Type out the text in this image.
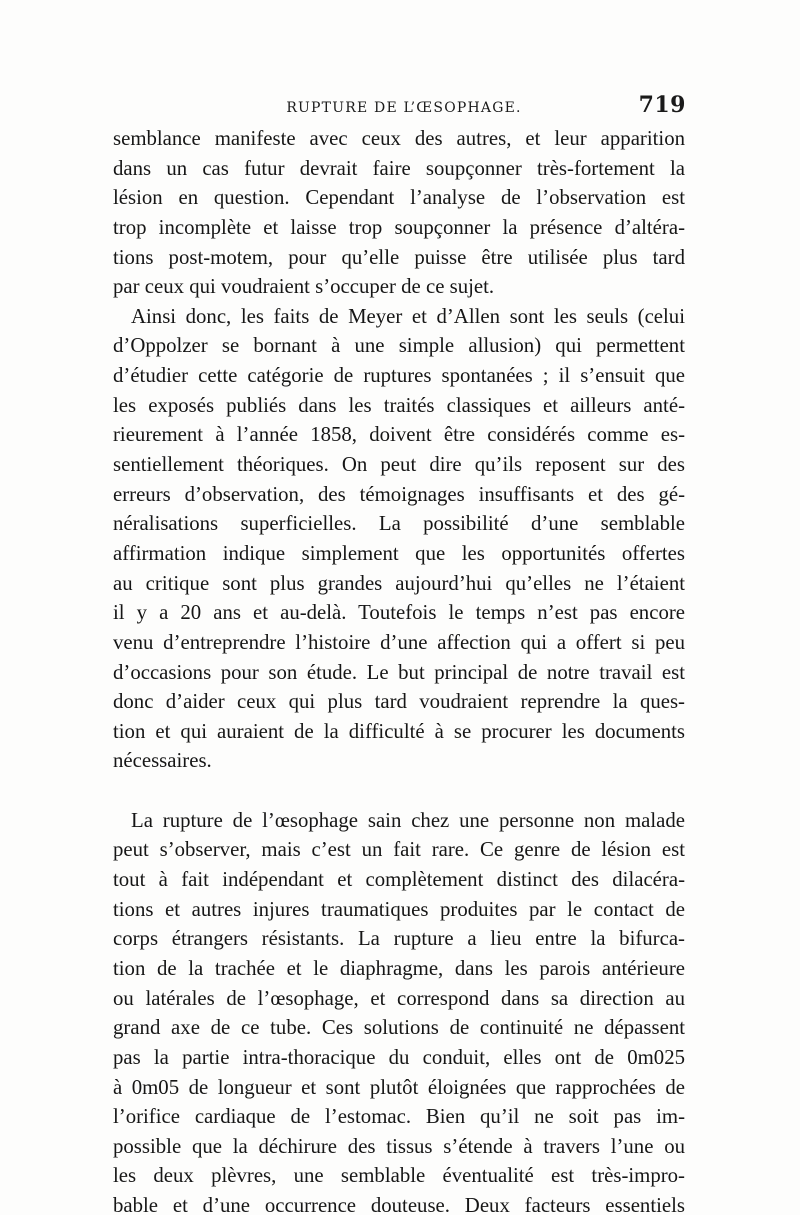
RUPTURE DE L’ŒSOPHAGE.	719
semblance manifeste avec ceux des autres, et leur apparition
dans un cas futur devrait faire soupçonner très-fortement la
lésion en question. Cependant l’analyse de l’observation est
trop incomplète et laisse trop soupçonner la présence d’altéra-
tions post-motem, pour qu’elle puisse être utilisée plus tard
par ceux qui voudraient s’occuper de ce sujet.
Ainsi donc, les faits de Meyer et d’Allen sont les seuls (celui
d’Oppolzer se bornant à une simple allusion) qui permettent
d’étudier cette catégorie de ruptures spontanées ; il s’ensuit que
les exposés publiés dans les traités classiques et ailleurs anté-
rieurement à l’année 1858, doivent être considérés comme es-
sentiellement théoriques. On peut dire qu’ils reposent sur des
erreurs d’observation, des témoignages insuffisants et des gé-
néralisations superficielles. La possibilité d’une semblable
affirmation indique simplement que les opportunités offertes
au critique sont plus grandes aujourd’hui qu’elles ne l’étaient
il y a 20 ans et au-delà. Toutefois le temps n’est pas encore
venu d’entreprendre l’histoire d’une affection qui a offert si peu
d’occasions pour son étude. Le but principal de notre travail est
donc d’aider ceux qui plus tard voudraient reprendre la ques-
tion et qui auraient de la difficulté à se procurer les documents
nécessaires.
La rupture de l’œsophage sain chez une personne non malade
peut s’observer, mais c’est un fait rare. Ce genre de lésion est
tout à fait indépendant et complètement distinct des dilacéra-
tions et autres injures traumatiques produites par le contact de
corps étrangers résistants. La rupture a lieu entre la bifurca-
tion de la trachée et le diaphragme, dans les parois antérieure
ou latérales de l’œsophage, et correspond dans sa direction au
grand axe de ce tube. Ces solutions de continuité ne dépassent
pas la partie intra-thoracique du conduit, elles ont de 0m025
à 0m05 de longueur et sont plutôt éloignées que rapprochées de
l’orifice cardiaque de l’estomac. Bien qu’il ne soit pas im-
possible que la déchirure des tissus s’étende à travers l’une ou
les deux plèvres, une semblable éventualité est très-impro-
bable et d’une occurrence douteuse. Deux facteurs essentiels
